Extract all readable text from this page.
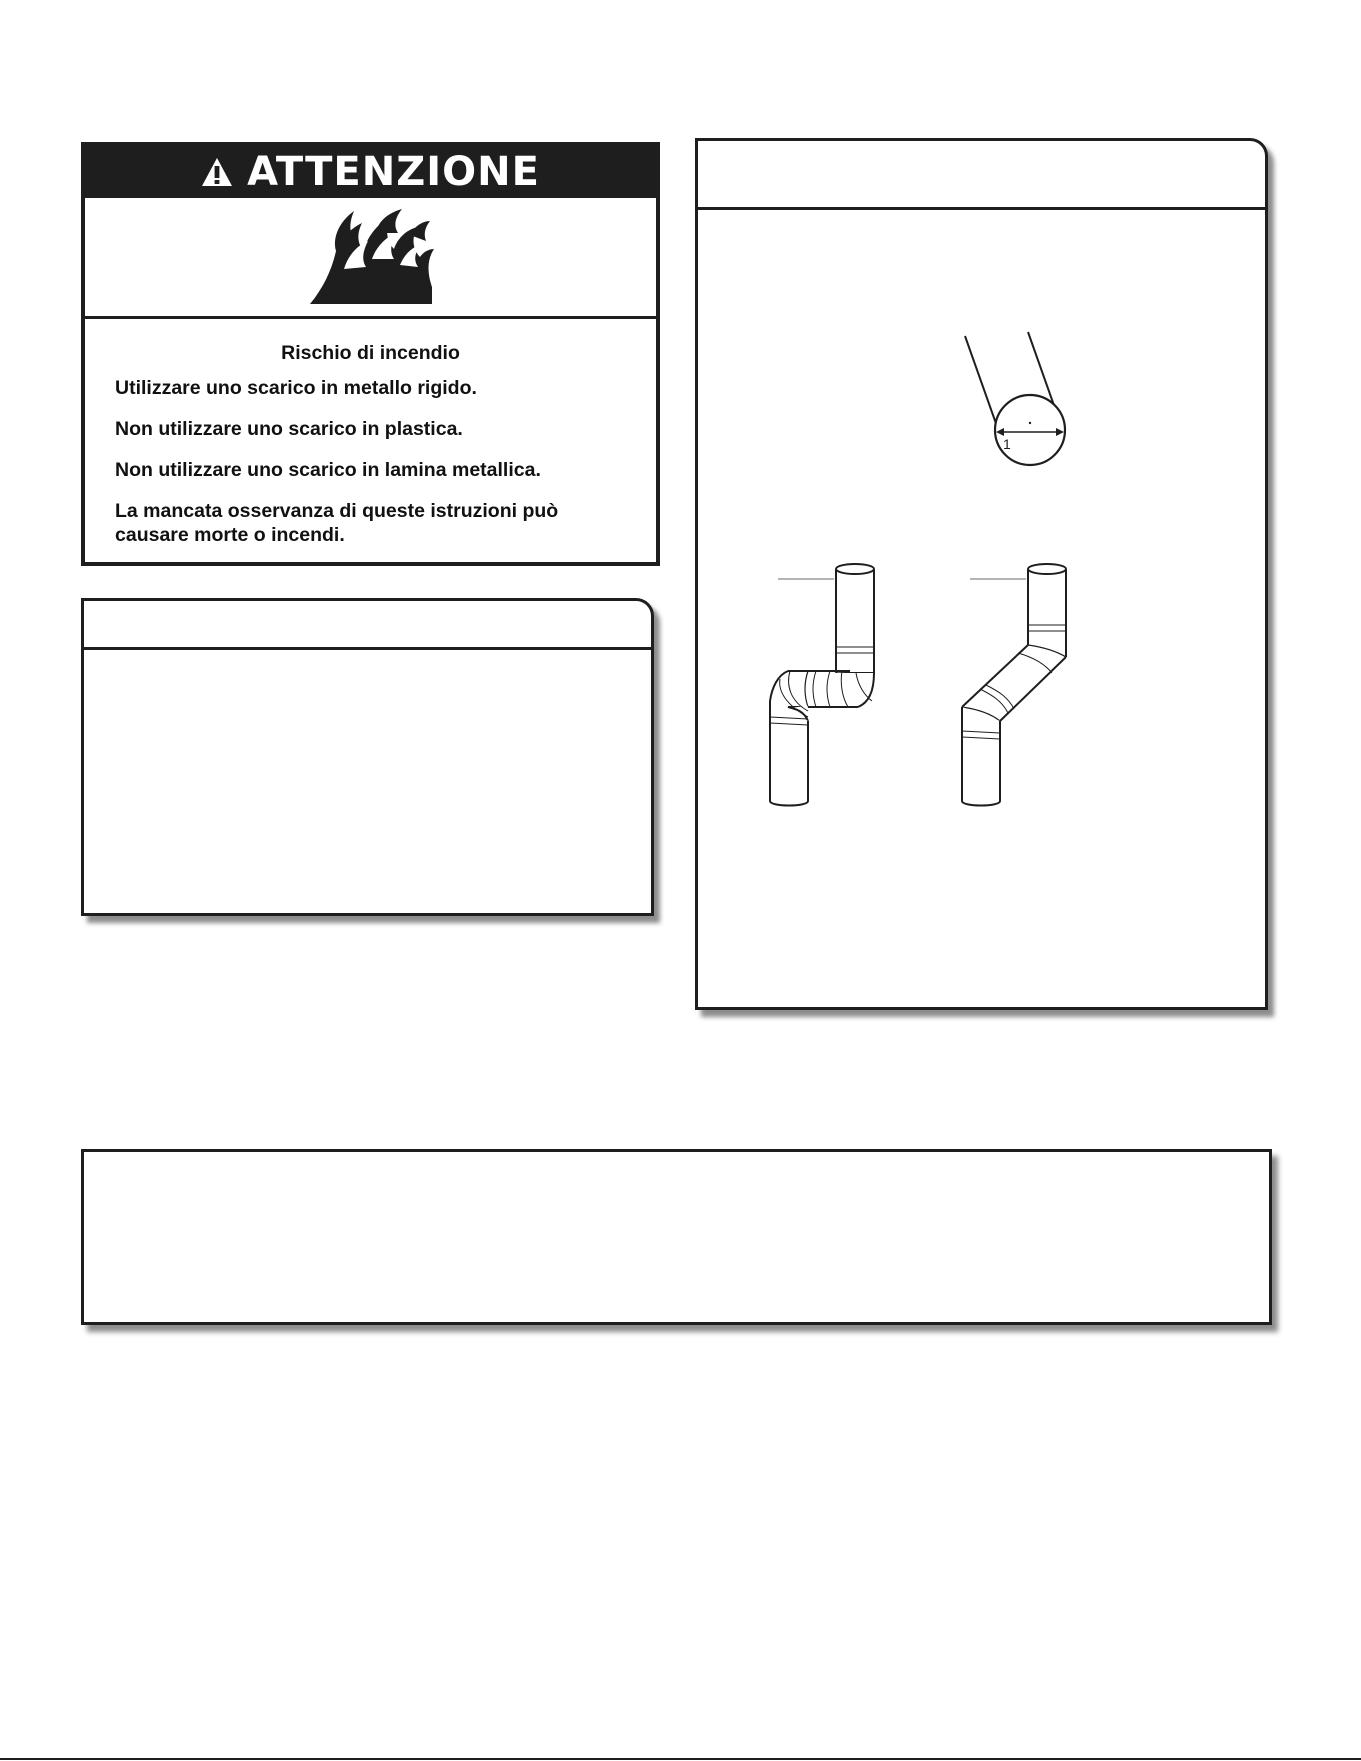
ATTENZIONE
Rischio di incendio
Utilizzare uno scarico in metallo rigido.
Non utilizzare uno scarico in plastica.
Non utilizzare uno scarico in lamina metallica.
La mancata osservanza di queste istruzioni può causare morte o incendi.
1
